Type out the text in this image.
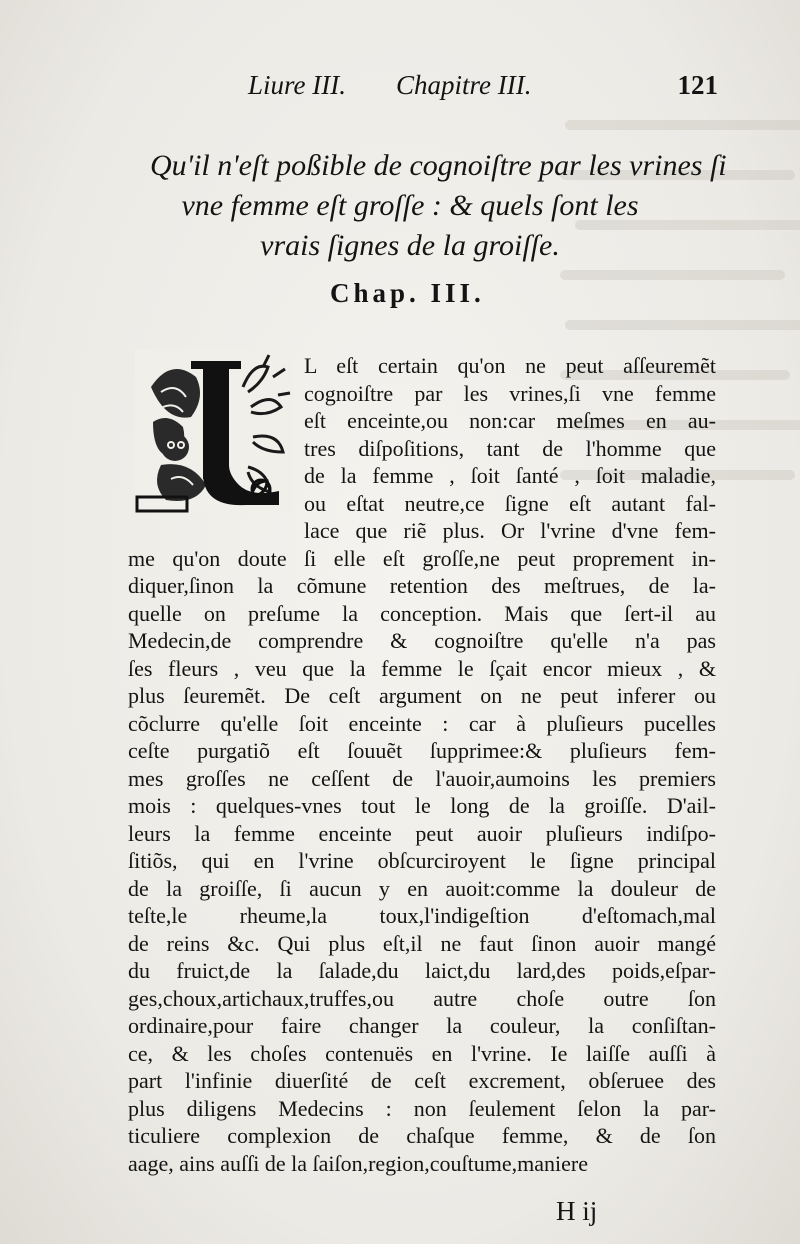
Liure III. Chapitre III.	121
Qu'il n'eſt poßible de cognoiſtre par les vrines ſi
vne femme eſt groſſe : & quels ſont les
vrais ſignes de la groiſſe.
Chap. III.
L eſt certain qu'on ne peut aſſeuremẽt
cognoiſtre par les vrines,ſi vne femme
eſt enceinte,ou non:car meſmes en au-
tres diſpoſitions, tant de l'homme que
de la femme , ſoit ſanté , ſoit maladie,
ou eſtat neutre,ce ſigne eſt autant fal-
lace que riẽ plus. Or l'vrine d'vne fem-
me qu'on doute ſi elle eſt groſſe,ne peut proprement in-
diquer,ſinon la cõmune retention des meſtrues, de la-
quelle on preſume la conception. Mais que ſert-il au
Medecin,de comprendre & cognoiſtre qu'elle n'a pas
ſes fleurs , veu que la femme le ſçait encor mieux , &
plus ſeuremẽt. De ceſt argument on ne peut inferer ou
cõclurre qu'elle ſoit enceinte : car à pluſieurs pucelles
ceſte purgatiõ eſt ſouuẽt ſupprimee:& pluſieurs fem-
mes groſſes ne ceſſent de l'auoir,aumoins les premiers
mois : quelques-vnes tout le long de la groiſſe. D'ail-
leurs la femme enceinte peut auoir pluſieurs indiſpo-
ſitiõs, qui en l'vrine obſcurciroyent le ſigne principal
de la groiſſe, ſi aucun y en auoit:comme la douleur de
teſte,le rheume,la toux,l'indigeſtion d'eſtomach,mal
de reins &c. Qui plus eſt,il ne faut ſinon auoir mangé
du fruict,de la ſalade,du laict,du lard,des poids,eſpar-
ges,choux,artichaux,truffes,ou autre choſe outre ſon
ordinaire,pour faire changer la couleur, la conſiſtan-
ce, & les choſes contenuës en l'vrine. Ie laiſſe auſſi à
part l'infinie diuerſité de ceſt excrement, obſeruee des
plus diligens Medecins : non ſeulement ſelon la par-
ticuliere complexion de chaſque femme, & de ſon
aage, ains auſſi de la ſaiſon,region,couſtume,maniere
H ij
